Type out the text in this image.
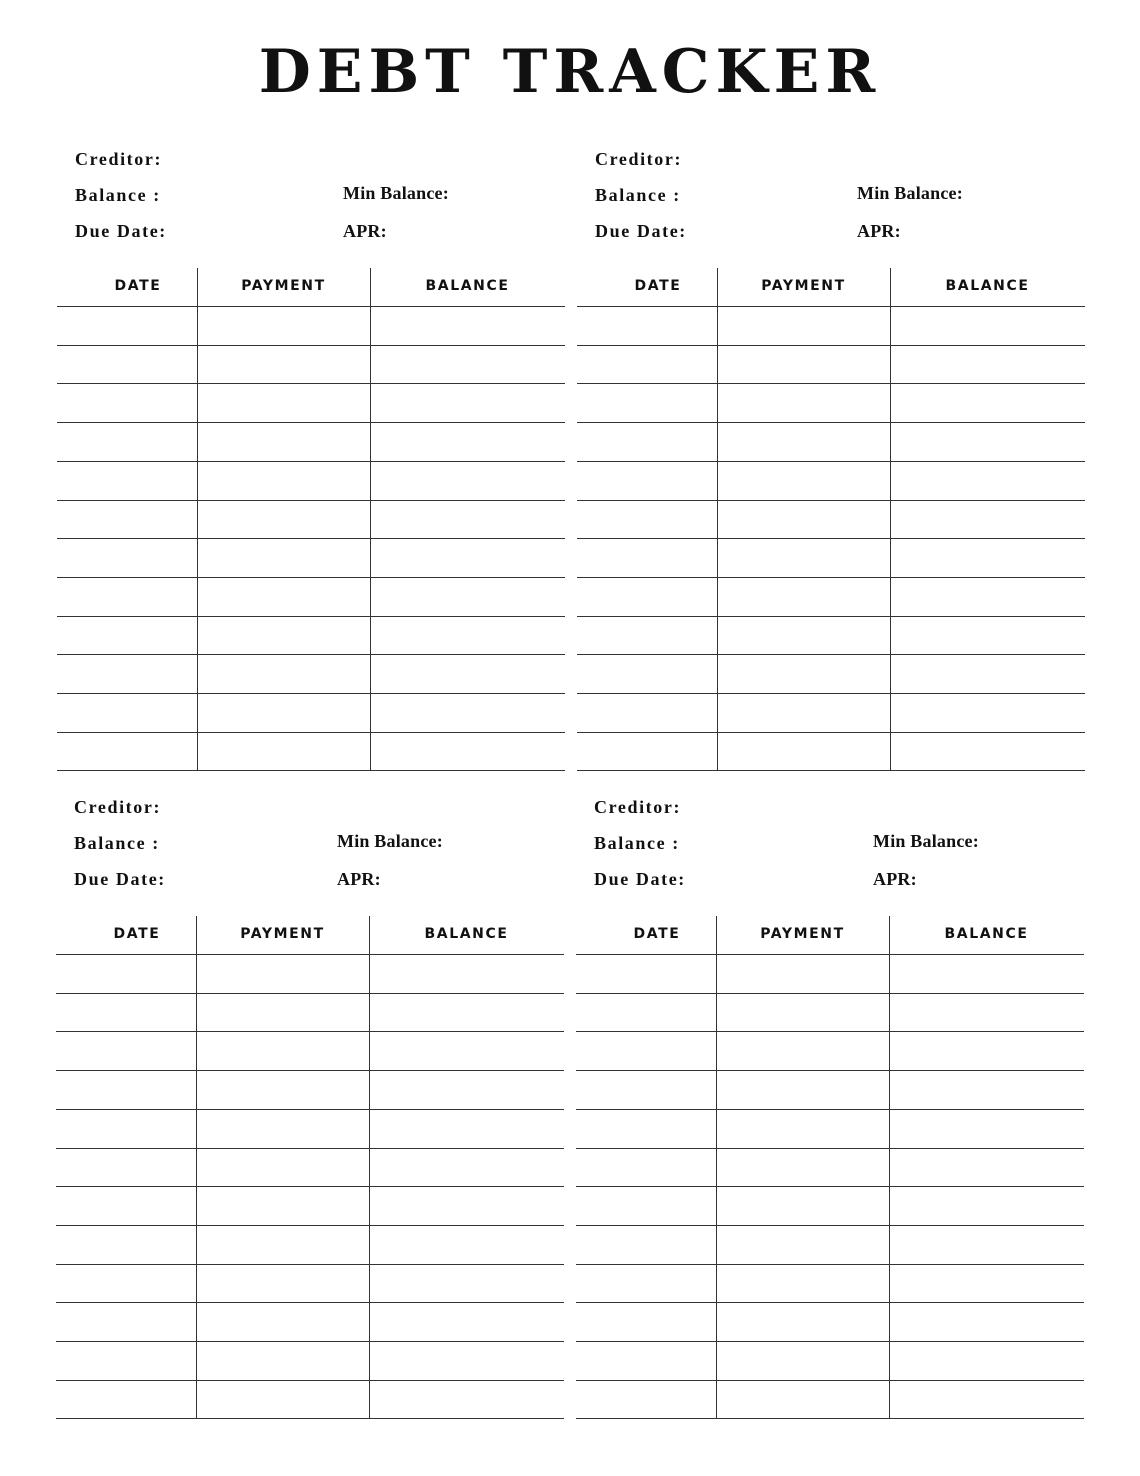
DEBT TRACKER
Creditor:
Balance :
Due Date:
Min Balance:
APR:
DATE	PAYMENT	BALANCE
Creditor:
Balance :
Due Date:
Min Balance:
APR:
DATE	PAYMENT	BALANCE
Creditor:
Balance :
Due Date:
Min Balance:
APR:
DATE	PAYMENT	BALANCE
Creditor:
Balance :
Due Date:
Min Balance:
APR:
DATE	PAYMENT	BALANCE
